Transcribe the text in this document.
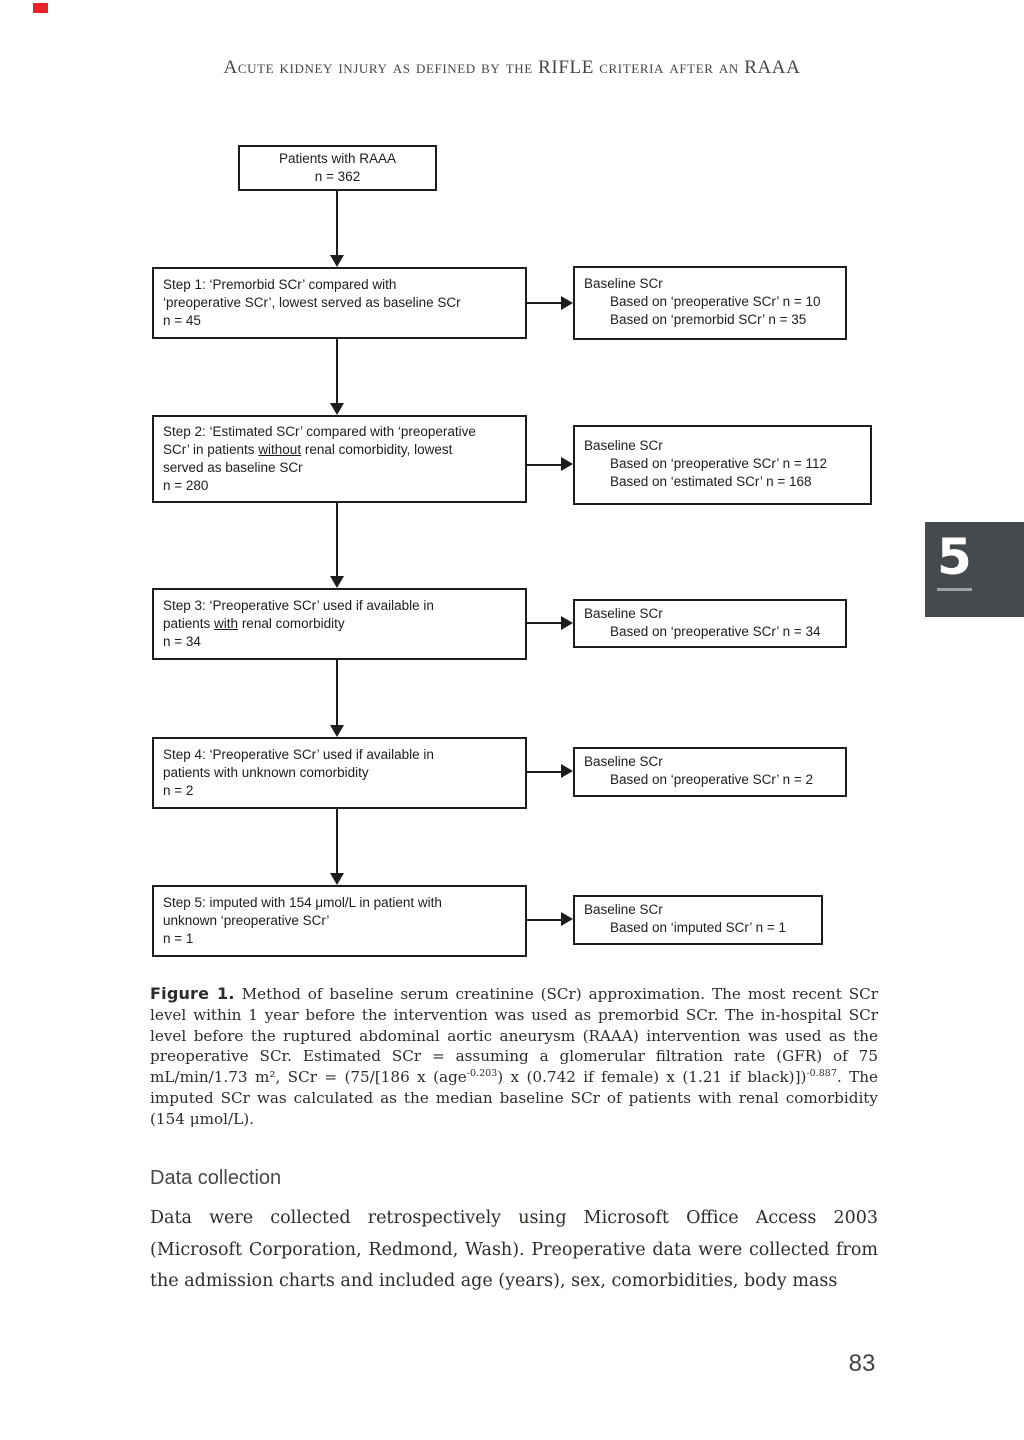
Acute kidney injury as defined by the RIFLE criteria after an RAAA
Patients with RAAA
n = 362
Step 1: ‘Premorbid SCr’ compared with
‘preoperative SCr’, lowest served as baseline SCr
n = 45
Baseline SCr
Based on ‘preoperative SCr’ n = 10
Based on ‘premorbid SCr’ n = 35
Step 2: ‘Estimated SCr’ compared with ‘preoperative
SCr’ in patients without renal comorbidity, lowest
served as baseline SCr
n = 280
Baseline SCr
Based on ‘preoperative SCr’ n = 112
Based on ‘estimated SCr’ n = 168
Step 3: ‘Preoperative SCr’ used if available in
patients with renal comorbidity
n = 34
Baseline SCr
Based on ‘preoperative SCr’ n = 34
Step 4: ‘Preoperative SCr’ used if available in
patients with unknown comorbidity
n = 2
Baseline SCr
Based on ‘preoperative SCr’ n = 2
Step 5: imputed with 154 μmol/L in patient with
unknown ‘preoperative SCr’
n = 1
Baseline SCr
Based on ‘imputed SCr’ n = 1
5

Figure 1. Method of baseline serum creatinine (SCr) approximation. The most recent SCr level within 1 year before the intervention was used as premorbid SCr. The in-hospital SCr level before the ruptured abdominal aortic aneurysm (RAAA) intervention was used as the preoperative SCr. Estimated SCr = assuming a glomerular filtration rate (GFR) of 75 mL/min/1.73 m², SCr = (75/[186 x (age$^{-0.203}$) x (0.742 if female) x (1.21 if black)])$^{-0.887}$. The imputed SCr was calculated as the median baseline SCr of patients with renal comorbidity (154 μmol/L).

Data collection

Data were collected retrospectively using Microsoft Office Access 2003 (Microsoft Corporation, Redmond, Wash). Preoperative data were collected from the admission charts and included age (years), sex, comorbidities, body mass

83
